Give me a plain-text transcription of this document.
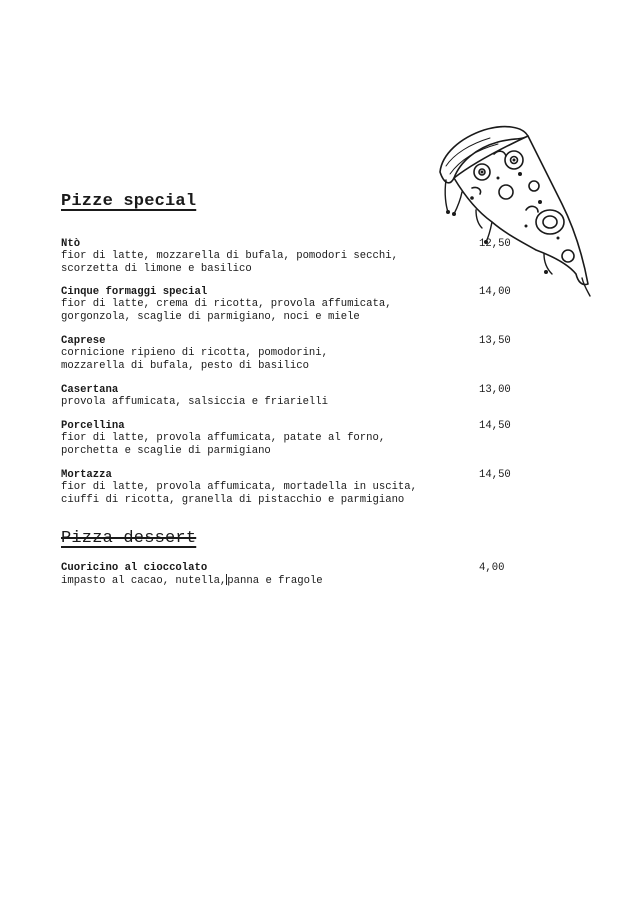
Pizze special
Ntò
fior di latte, mozzarella di bufala, pomodori secchi,
scorzetta di limone e basilico
12,50
Cinque formaggi special
fior di latte, crema di ricotta, provola affumicata,
gorgonzola, scaglie di parmigiano, noci e miele
14,00
Caprese
cornicione ripieno di ricotta, pomodorini,
mozzarella di bufala, pesto di basilico
13,50
Casertana
provola affumicata, salsiccia e friarielli
13,00
Porcellina
fior di latte, provola affumicata, patate al forno,
porchetta e scaglie di parmigiano
14,50
Mortazza
fior di latte, provola affumicata, mortadella in uscita,
ciuffi di ricotta, granella di pistacchio e parmigiano
14,50
Pizza dessert
Cuoricino al cioccolato
impasto al cacao, nutella,panna e fragole
4,00
